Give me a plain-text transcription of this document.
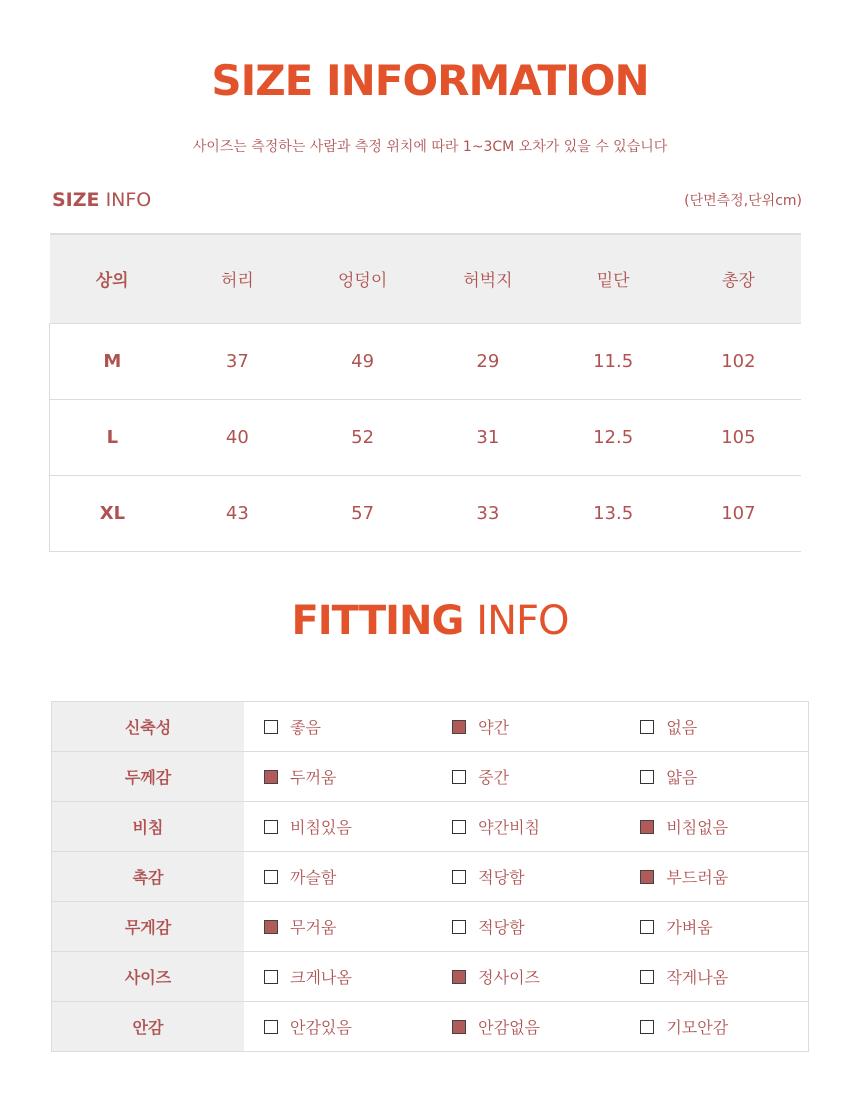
SIZE INFORMATION
사이즈는 측정하는 사람과 측정 위치에 따라 1~3CM 오차가 있을 수 있습니다
SIZE INFO	(단면측정,단위cm)
상의	허리	엉덩이	허벅지	밑단	총장
M	37	49	29	11.5	102
L	40	52	31	12.5	105
XL	43	57	33	13.5	107
FITTING INFO
신축성	좋음	약간	없음

두께감	두꺼움	중간	얇음

비침	비침있음	약간비침	비침없음

촉감	까슬함	적당함	부드러움

무게감	무거움	적당함	가벼움

사이즈	크게나옴	정사이즈	작게나옴

안감	안감있음	안감없음	기모안감
